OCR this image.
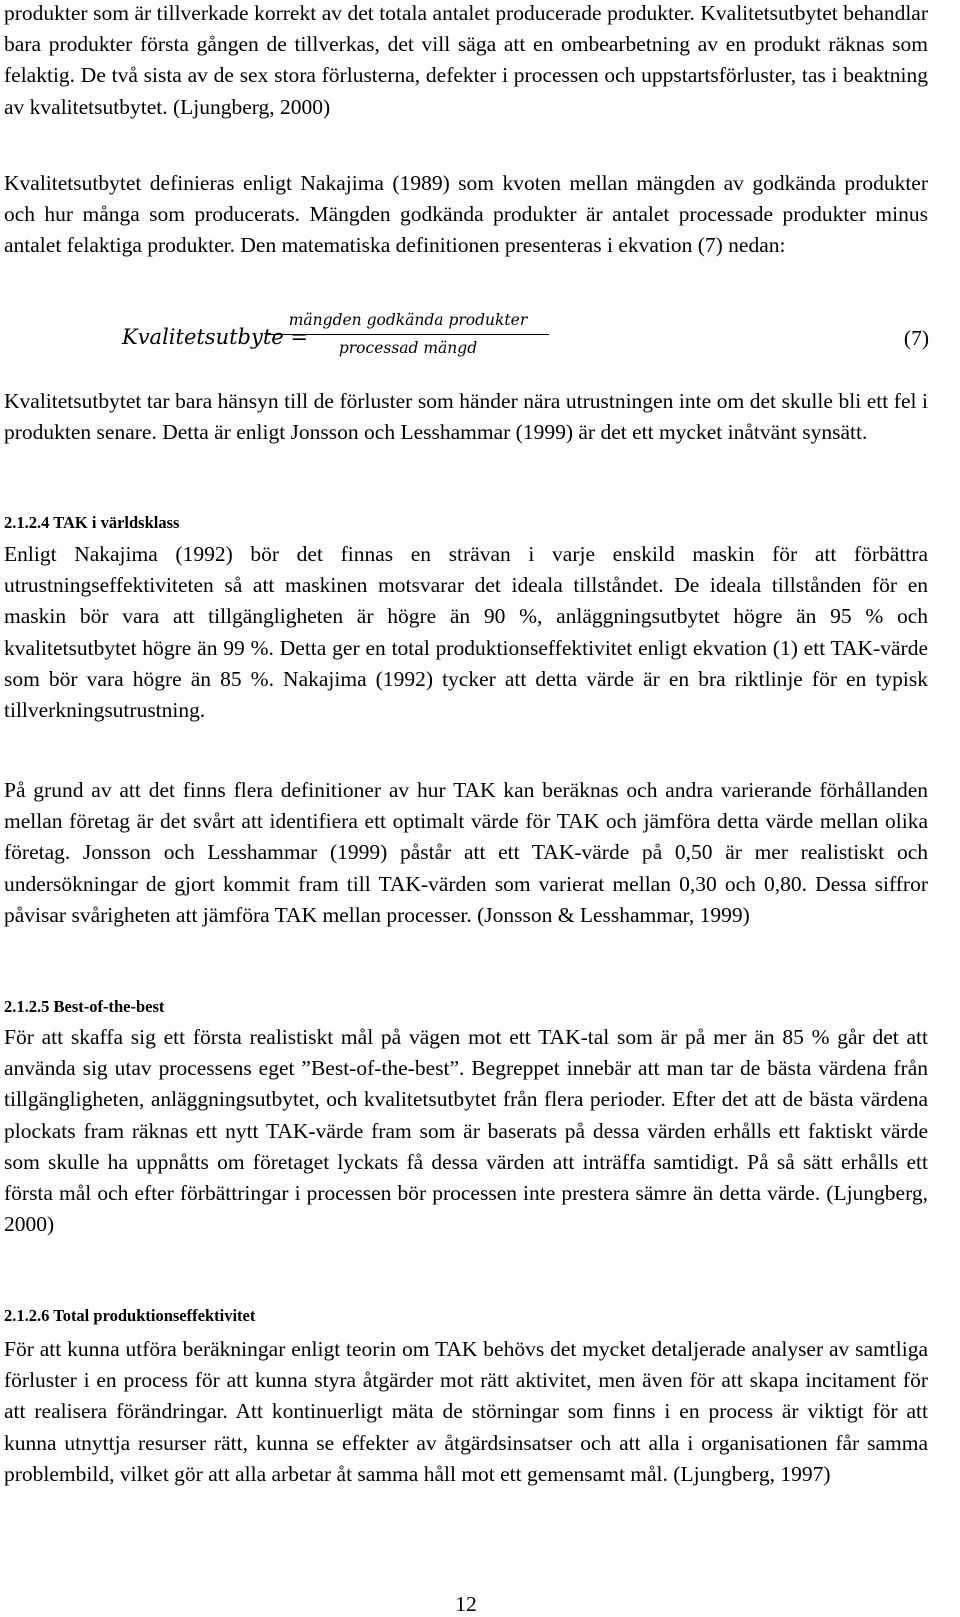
produkter som är tillverkade korrekt av det totala antalet producerade produkter. Kvalitetsutbytet behandlar bara produkter första gången de tillverkas, det vill säga att en ombearbetning av en produkt räknas som felaktig. De två sista av de sex stora förlusterna, defekter i processen och uppstartsförluster, tas i beaktning av kvalitetsutbytet. (Ljungberg, 2000)

Kvalitetsutbytet definieras enligt Nakajima (1989) som kvoten mellan mängden av godkända produkter och hur många som producerats. Mängden godkända produkter är antalet processade produkter minus antalet felaktiga produkter. Den matematiska definitionen presenteras i ekvation (7) nedan:

Kvalitetsutbyte =
mängden godkända produkter
processad mängd	(7)

Kvalitetsutbytet tar bara hänsyn till de förluster som händer nära utrustningen inte om det skulle bli ett fel i produkten senare. Detta är enligt Jonsson och Lesshammar (1999) är det ett mycket inåtvänt synsätt.

2.1.2.4 TAK i världsklass

Enligt Nakajima (1992) bör det finnas en strävan i varje enskild maskin för att förbättra utrustningseffektiviteten så att maskinen motsvarar det ideala tillståndet. De ideala tillstånden för en maskin bör vara att tillgängligheten är högre än 90 %, anläggningsutbytet högre än 95 % och kvalitetsutbytet högre än 99 %. Detta ger en total produktionseffektivitet enligt ekvation (1) ett TAK-värde som bör vara högre än 85 %. Nakajima (1992) tycker att detta värde är en bra riktlinje för en typisk tillverkningsutrustning.

På grund av att det finns flera definitioner av hur TAK kan beräknas och andra varierande förhållanden mellan företag är det svårt att identifiera ett optimalt värde för TAK och jämföra detta värde mellan olika företag. Jonsson och Lesshammar (1999) påstår att ett TAK-värde på 0,50 är mer realistiskt och undersökningar de gjort kommit fram till TAK-värden som varierat mellan 0,30 och 0,80. Dessa siffror påvisar svårigheten att jämföra TAK mellan processer. (Jonsson & Lesshammar, 1999)

2.1.2.5 Best-of-the-best

För att skaffa sig ett första realistiskt mål på vägen mot ett TAK-tal som är på mer än 85 % går det att använda sig utav processens eget ”Best-of-the-best”. Begreppet innebär att man tar de bästa värdena från tillgängligheten, anläggningsutbytet, och kvalitetsutbytet från flera perioder. Efter det att de bästa värdena plockats fram räknas ett nytt TAK-värde fram som är baserats på dessa värden erhålls ett faktiskt värde som skulle ha uppnåtts om företaget lyckats få dessa värden att inträffa samtidigt. På så sätt erhålls ett första mål och efter förbättringar i processen bör processen inte prestera sämre än detta värde. (Ljungberg, 2000)

2.1.2.6 Total produktionseffektivitet

För att kunna utföra beräkningar enligt teorin om TAK behövs det mycket detaljerade analyser av samtliga förluster i en process för att kunna styra åtgärder mot rätt aktivitet, men även för att skapa incitament för att realisera förändringar. Att kontinuerligt mäta de störningar som finns i en process är viktigt för att kunna utnyttja resurser rätt, kunna se effekter av åtgärdsinsatser och att alla i organisationen får samma problembild, vilket gör att alla arbetar åt samma håll mot ett gemensamt mål. (Ljungberg, 1997)

12
